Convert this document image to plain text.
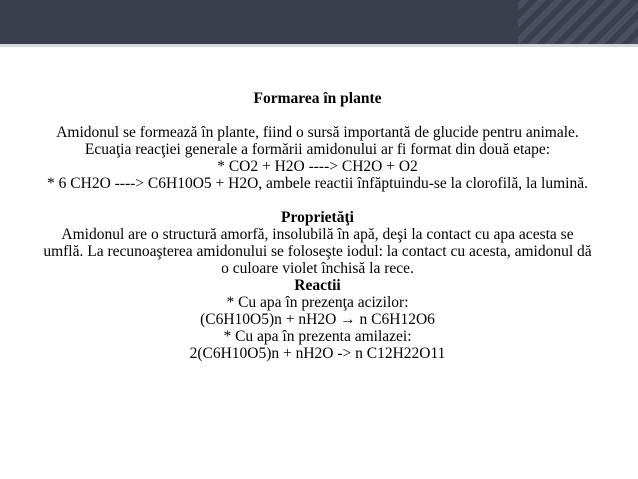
Formarea în plante

Amidonul se formează în plante, fiind o sursă importantă de glucide pentru animale. Ecuaţia reacţiei generale a formării amidonului ar fi format din două etape:

* CO2 + H2O ----> CH2O + O2

* 6 CH2O ----> C6H10O5 + H2O, ambele reactii înfăptuindu-se la clorofilă, la lumină.

Proprietăţi

Amidonul are o structură amorfă, insolubilă în apă, deşi la contact cu apa acesta se umflă. La recunoaşterea amidonului se foloseşte iodul: la contact cu acesta, amidonul dă o culoare violet închisă la rece.

Reactii

* Cu apa în prezenţa acizilor:

(C6H10O5)n + nH2O → n C6H12O6

* Cu apa în prezenta amilazei:

2(C6H10O5)n + nH2O -> n C12H22O11
